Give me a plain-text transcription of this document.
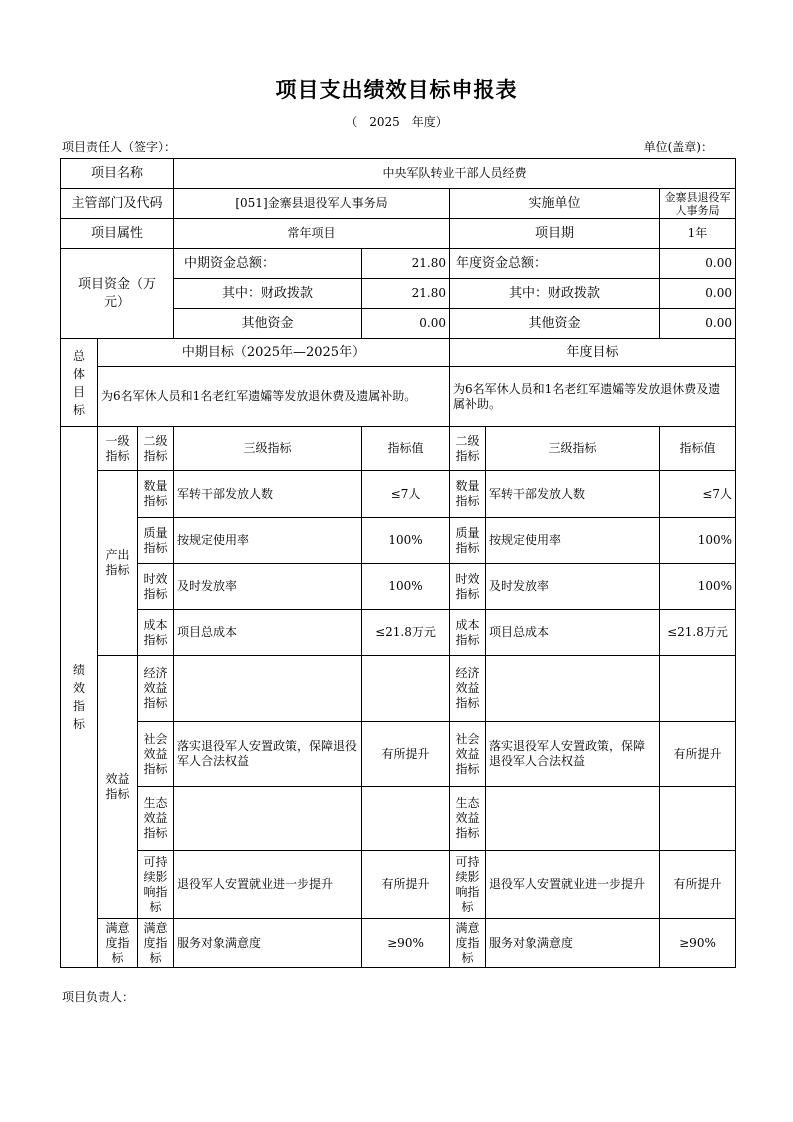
项目支出绩效目标申报表
（　2025　年度）
项目责任人（签字）：	单位(盖章)：
项目名称			中央军队转业干部人员经费				
主管部门及代码			[051]金寨县退役军人事务局		实施单位		金寨县退役军人事务局
项目属性			常年项目		项目期		1年

项目资金（万元）			中期资金总额：	21.80	年度资金总额：		0.00
			其中：财政拨款	21.80	其中：财政拨款		0.00
			其他资金	0.00	其他资金		0.00
总体目标	中期目标（2025年—2025年）				年度目标		
	为6名军休人员和1名老红军遗孀等发放退休费及遗属补助。				为6名军休人员和1名老红军遗孀等发放退休费及遗属补助。		
绩效指标	一级指标	二级指标	三级指标	指标值	二级指标	三级指标	指标值
	产出指标	数量指标	军转干部发放人数	≤7人	数量指标	军转干部发放人数	≤7人
		质量指标	按规定使用率	100%	质量指标	按规定使用率	100%
		时效指标	及时发放率	100%	时效指标	及时发放率	100%
		成本指标	项目总成本	≤21.8万元	成本指标	项目总成本	≤21.8万元
	效益指标	经济效益指标			经济效益指标		
		社会效益指标	落实退役军人安置政策，保障退役军人合法权益	有所提升	社会效益指标	落实退役军人安置政策，保障退役军人合法权益	有所提升
		生态效益指标			生态效益指标		
		可持续影响指标	退役军人安置就业进一步提升	有所提升	可持续影响指标	退役军人安置就业进一步提升	有所提升
	满意度指标	满意度指标	服务对象满意度	≥90%	满意度指标	服务对象满意度	≥90%
项目负责人：
